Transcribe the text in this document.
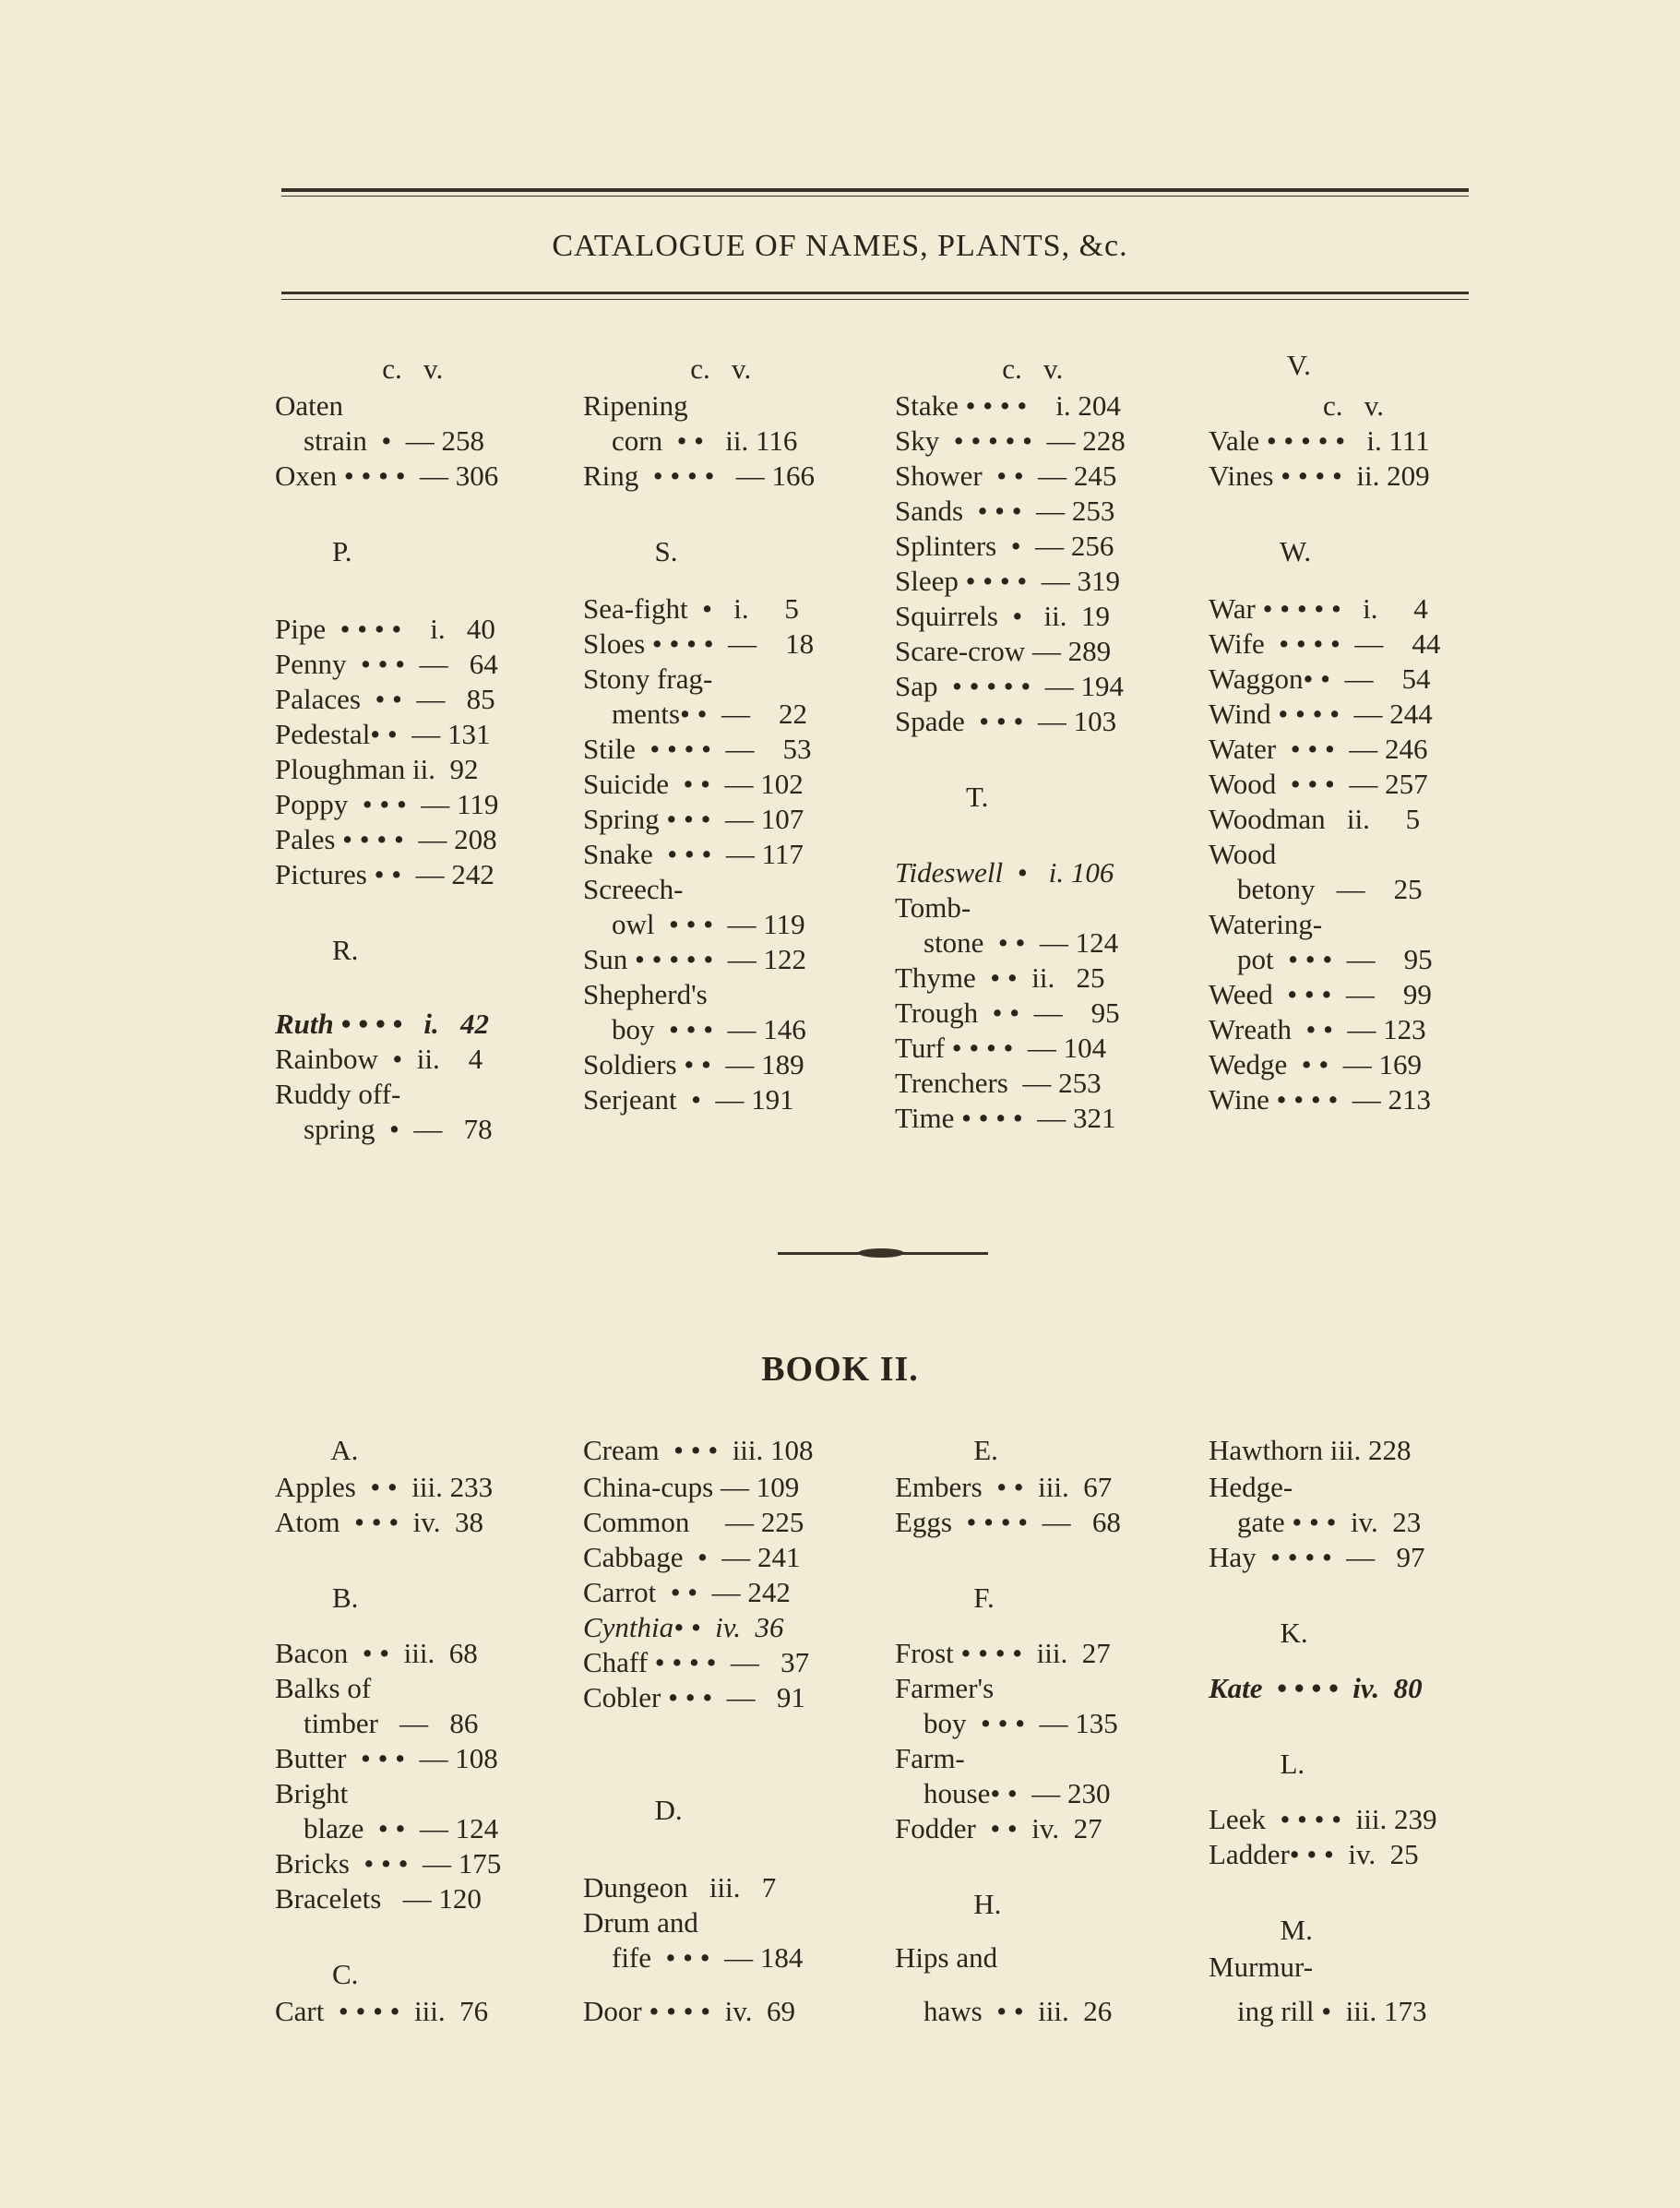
CATALOGUE OF NAMES, PLANTS, &c.
c.   v.
Oaten
strain  •  — 258
Oxen • • • •  — 306
P.
Pipe  • • • •    i.   40
Penny  • • •  —   64
Palaces  • •  —   85
Pedestal• •  — 131
Ploughman ii.  92
Poppy  • • •  — 119
Pales • • • •  — 208
Pictures • •  — 242
R.
Ruth • • • •   i.   42
Rainbow  •  ii.    4
Ruddy off-
spring  •  —   78
c.   v.
Ripening
corn  • •   ii. 116
Ring  • • • •   — 166
S.
Sea-fight  •   i.     5
Sloes • • • •  —    18
Stony frag-
ments• •  —    22
Stile  • • • •  —    53
Suicide  • •  — 102
Spring • • •  — 107
Snake  • • •  — 117
Screech-
owl  • • •  — 119
Sun • • • • •  — 122
Shepherd's
boy  • • •  — 146
Soldiers • •  — 189
Serjeant  •  — 191
c.   v.
Stake • • • •    i. 204
Sky  • • • • •  — 228
Shower  • •  — 245
Sands  • • •  — 253
Splinters  •  — 256
Sleep • • • •  — 319
Squirrels  •   ii.  19
Scare-crow — 289
Sap  • • • • •  — 194
Spade  • • •  — 103
T.
Tideswell  •   i. 106
Tomb-
stone  • •  — 124
Thyme  • •  ii.   25
Trough  • •  —    95
Turf • • • •  — 104
Trenchers  — 253
Time • • • •  — 321
V.
c.   v.
Vale • • • • •   i. 111
Vines • • • •  ii. 209
W.
War • • • • •   i.     4
Wife  • • • •  —    44
Waggon• •  —    54
Wind • • • •  — 244
Water  • • •  — 246
Wood  • • •  — 257
Woodman   ii.     5
Wood
betony   —    25
Watering-
pot  • • •  —    95
Weed  • • •  —    99
Wreath  • •  — 123
Wedge  • •  — 169
Wine • • • •  — 213
BOOK II.
A.
Apples  • •  iii. 233
Atom  • • •  iv.  38
B.
Bacon  • •  iii.  68
Balks of
timber   —   86
Butter  • • •  — 108
Bright
blaze  • •  — 124
Bricks  • • •  — 175
Bracelets   — 120
C.
Cart  • • • •  iii.  76
Cream  • • •  iii. 108
China-cups — 109
Common     — 225
Cabbage  •  — 241
Carrot  • •  — 242
Cynthia• •  iv.  36
Chaff • • • •  —   37
Cobler • • •  —   91
D.
Dungeon   iii.   7
Drum and
fife  • • •  — 184
Door • • • •  iv.  69
E.
Embers  • •  iii.  67
Eggs  • • • •  —   68
F.
Frost • • • •  iii.  27
Farmer's
boy  • • •  — 135
Farm-
house• •  — 230
Fodder  • •  iv.  27
H.
Hips and
haws  • •  iii.  26
Hawthorn iii. 228
Hedge-
gate • • •  iv.  23
Hay  • • • •  —   97
K.
Kate  • • • •  iv.  80
L.
Leek  • • • •  iii. 239
Ladder• • •  iv.  25
M.
Murmur-
ing rill •  iii. 173
